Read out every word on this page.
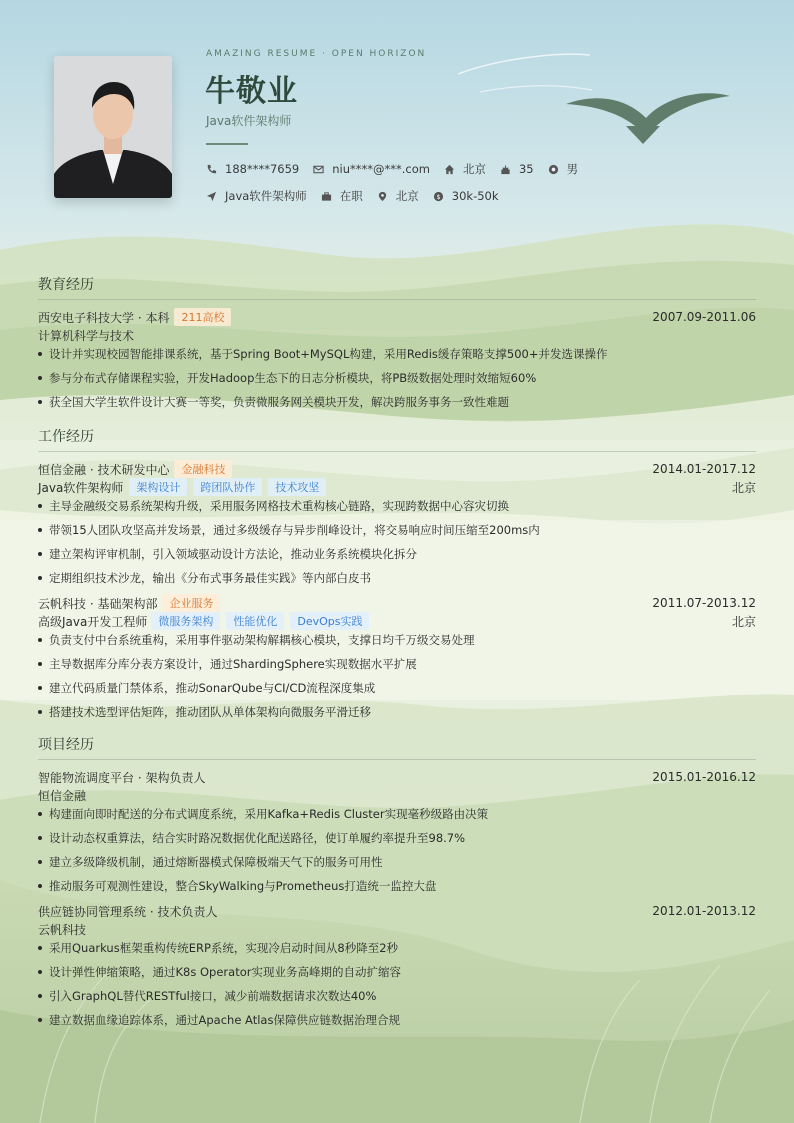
AMAZING RESUME · OPEN HORIZON
牛敬业
Java软件架构师
188****7659	niu****@***.com	北京	35	男
Java软件架构师	在职	北京 $ 30k-50k
教育经历
西安电子科技大学 · 本科	211高校	2007.09-2011.06
计算机科学与技术
设计并实现校园智能排课系统，基于Spring Boot+MySQL构建，采用Redis缓存策略支撑500+并发选课操作
参与分布式存储课程实验，开发Hadoop生态下的日志分析模块，将PB级数据处理时效缩短60%
获全国大学生软件设计大赛一等奖，负责微服务网关模块开发，解决跨服务事务一致性难题
工作经历
恒信金融 · 技术研发中心	金融科技	2014.01-2017.12
Java软件架构师	架构设计	跨团队协作	技术攻坚	北京
主导金融级交易系统架构升级，采用服务网格技术重构核心链路，实现跨数据中心容灾切换
带领15人团队攻坚高并发场景，通过多级缓存与异步削峰设计，将交易响应时间压缩至200ms内
建立架构评审机制，引入领域驱动设计方法论，推动业务系统模块化拆分
定期组织技术沙龙，输出《分布式事务最佳实践》等内部白皮书
云帆科技 · 基础架构部	企业服务	2011.07-2013.12
高级Java开发工程师	微服务架构	性能优化	DevOps实践	北京
负责支付中台系统重构，采用事件驱动架构解耦核心模块，支撑日均千万级交易处理
主导数据库分库分表方案设计，通过ShardingSphere实现数据水平扩展
建立代码质量门禁体系，推动SonarQube与CI/CD流程深度集成
搭建技术选型评估矩阵，推动团队从单体架构向微服务平滑迁移
项目经历
智能物流调度平台 · 架构负责人	2015.01-2016.12
恒信金融
构建面向即时配送的分布式调度系统，采用Kafka+Redis Cluster实现毫秒级路由决策
设计动态权重算法，结合实时路况数据优化配送路径，使订单履约率提升至98.7%
建立多级降级机制，通过熔断器模式保障极端天气下的服务可用性
推动服务可观测性建设，整合SkyWalking与Prometheus打造统一监控大盘
供应链协同管理系统 · 技术负责人	2012.01-2013.12
云帆科技
采用Quarkus框架重构传统ERP系统，实现冷启动时间从8秒降至2秒
设计弹性伸缩策略，通过K8s Operator实现业务高峰期的自动扩缩容
引入GraphQL替代RESTful接口，减少前端数据请求次数达40%
建立数据血缘追踪体系，通过Apache Atlas保障供应链数据治理合规
